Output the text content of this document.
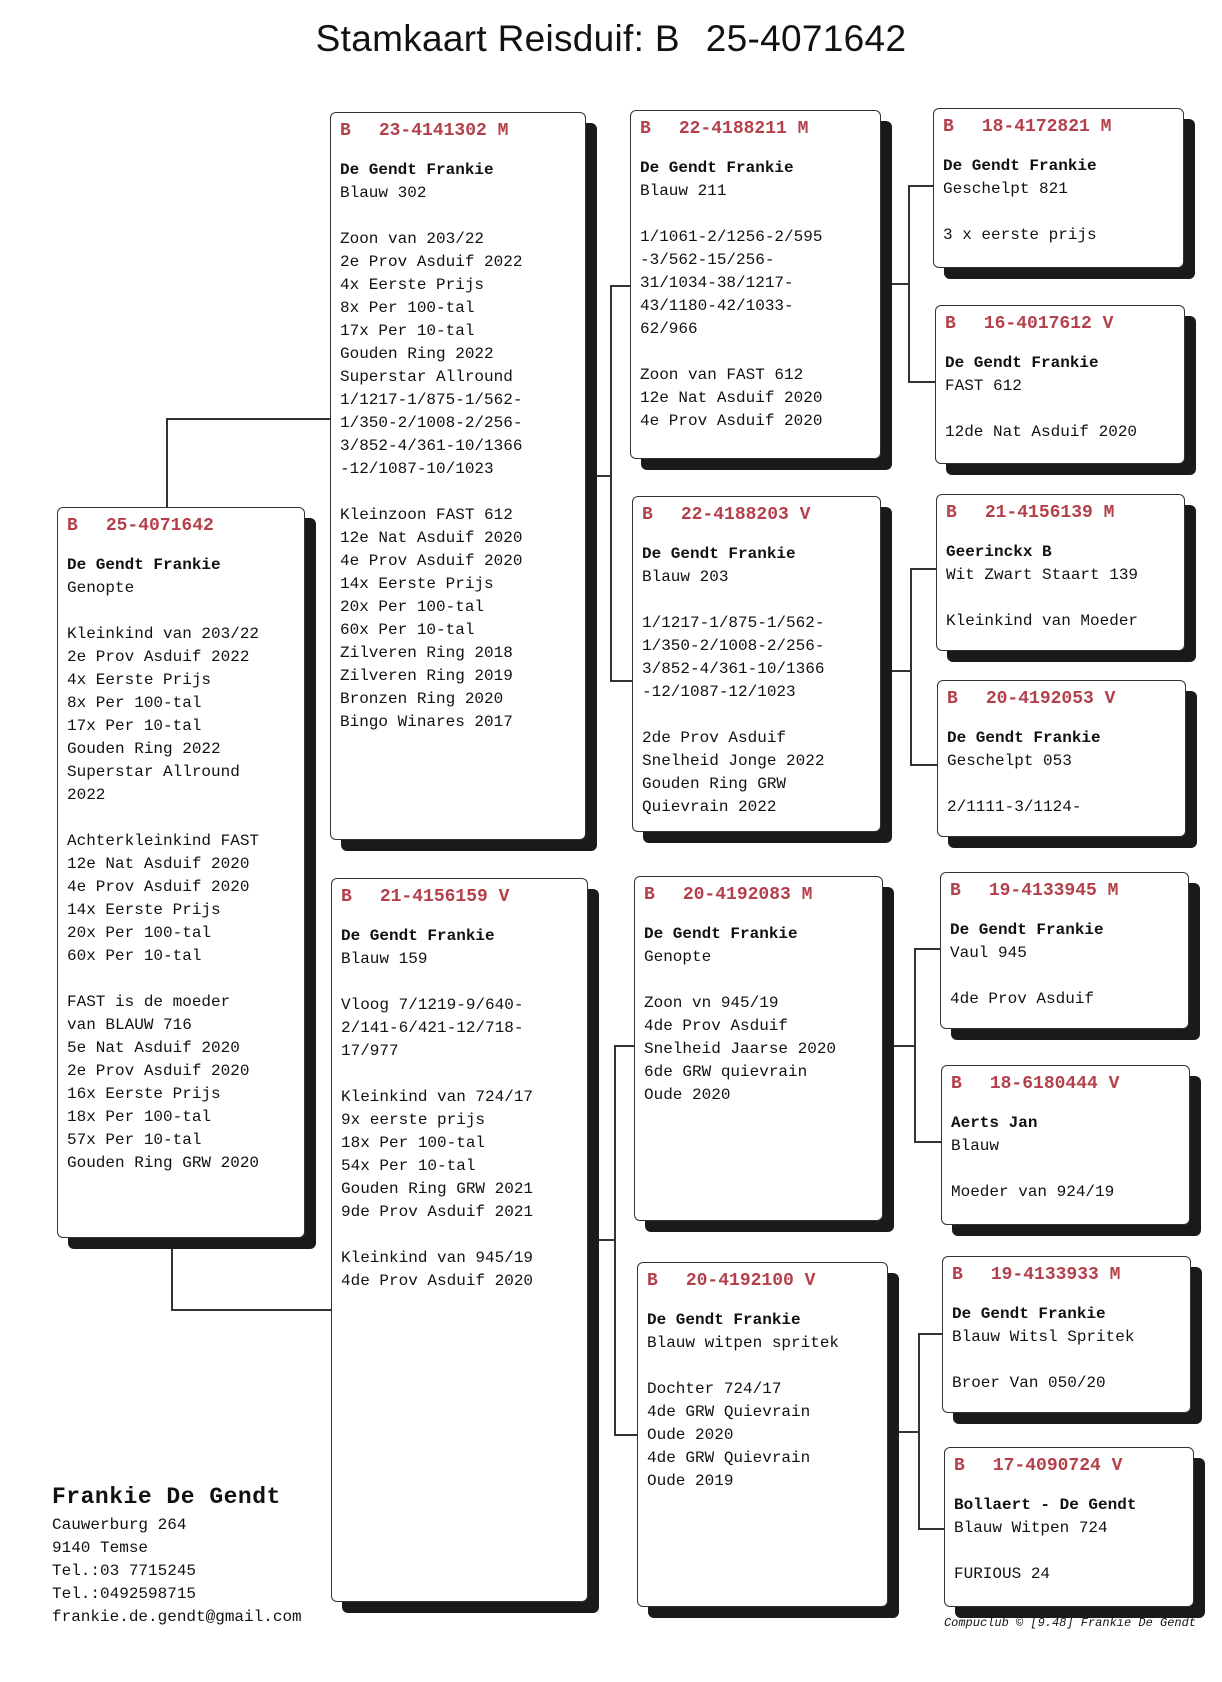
Stamkaart Reisduif: B 25-4071642
B 25-4071642
De Gendt Frankie
Genopte
Kleinkind van 203/22
2e Prov Asduif 2022
4x Eerste Prijs
8x Per 100-tal
17x Per 10-tal
Gouden Ring 2022
Superstar Allround
2022
Achterkleinkind FAST
12e Nat Asduif 2020
4e Prov Asduif 2020
14x Eerste Prijs
20x Per 100-tal
60x Per 10-tal
FAST is de moeder
van BLAUW 716
5e Nat Asduif 2020
2e Prov Asduif 2020
16x Eerste Prijs
18x Per 100-tal
57x Per 10-tal
Gouden Ring GRW 2020
B 23-4141302 M
De Gendt Frankie
Blauw 302
Zoon van 203/22
2e Prov Asduif 2022
4x Eerste Prijs
8x Per 100-tal
17x Per 10-tal
Gouden Ring 2022
Superstar Allround
1/1217-1/875-1/562-
1/350-2/1008-2/256-
3/852-4/361-10/1366
-12/1087-10/1023
Kleinzoon FAST 612
12e Nat Asduif 2020
4e Prov Asduif 2020
14x Eerste Prijs
20x Per 100-tal
60x Per 10-tal
Zilveren Ring 2018
Zilveren Ring 2019
Bronzen Ring 2020
Bingo Winares 2017
B 21-4156159 V
De Gendt Frankie
Blauw 159
Vloog 7/1219-9/640-
2/141-6/421-12/718-
17/977
Kleinkind van 724/17
9x eerste prijs
18x Per 100-tal
54x Per 10-tal
Gouden Ring GRW 2021
9de Prov Asduif 2021
Kleinkind van 945/19
4de Prov Asduif 2020
B 22-4188211 M
De Gendt Frankie
Blauw 211
1/1061-2/1256-2/595
-3/562-15/256-
31/1034-38/1217-
43/1180-42/1033-
62/966
Zoon van FAST 612
12e Nat Asduif 2020
4e Prov Asduif 2020
B 22-4188203 V
De Gendt Frankie
Blauw 203
1/1217-1/875-1/562-
1/350-2/1008-2/256-
3/852-4/361-10/1366
-12/1087-12/1023
2de Prov Asduif
Snelheid Jonge 2022
Gouden Ring GRW
Quievrain 2022
B 20-4192083 M
De Gendt Frankie
Genopte
Zoon vn 945/19
4de Prov Asduif
Snelheid Jaarse 2020
6de GRW quievrain
Oude 2020
B 20-4192100 V
De Gendt Frankie
Blauw witpen spritek
Dochter 724/17
4de GRW Quievrain
Oude 2020
4de GRW Quievrain
Oude 2019
B 18-4172821 M
De Gendt Frankie
Geschelpt 821
3 x eerste prijs
B 16-4017612 V
De Gendt Frankie
FAST 612
12de Nat Asduif 2020
B 21-4156139 M
Geerinckx B
Wit Zwart Staart 139
Kleinkind van Moeder
B 20-4192053 V
De Gendt Frankie
Geschelpt 053
2/1111-3/1124-
B 19-4133945 M
De Gendt Frankie
Vaul 945
4de Prov Asduif
B 18-6180444 V
Aerts Jan
Blauw
Moeder van 924/19
B 19-4133933 M
De Gendt Frankie
Blauw Witsl Spritek
Broer Van 050/20
B 17-4090724 V
Bollaert - De Gendt
Blauw Witpen 724
FURIOUS 24
Frankie De Gendt
Cauwerburg 264
9140 Temse
Tel.:03 7715245
Tel.:0492598715
frankie.de.gendt@gmail.com	Compuclub © [9.48] Frankie De Gendt
